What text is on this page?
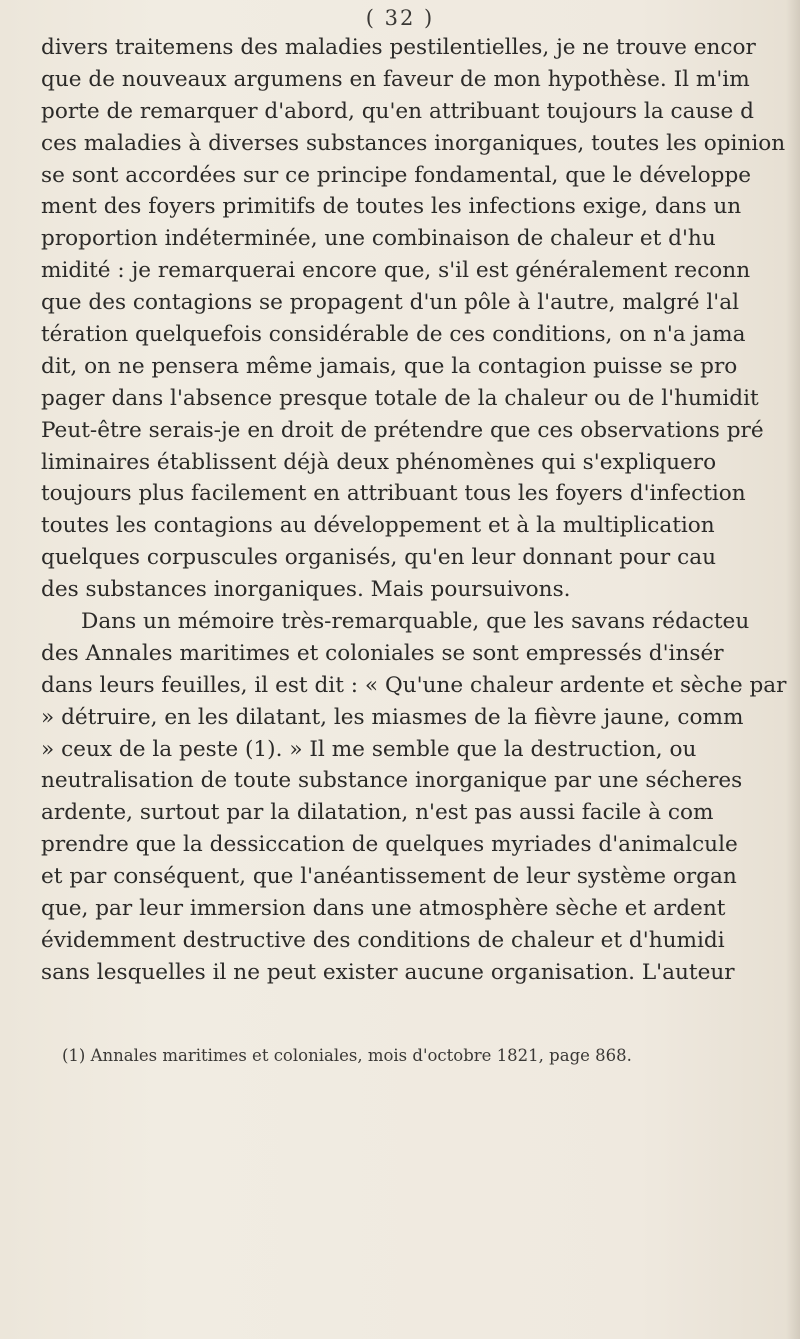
( 32 )
divers traitemens des maladies pestilentielles, je ne trouve encor
que de nouveaux argumens en faveur de mon hypothèse. Il m'im
porte de remarquer d'abord, qu'en attribuant toujours la cause d
ces maladies à diverses substances inorganiques, toutes les opinion
se sont accordées sur ce principe fondamental, que le développe
ment des foyers primitifs de toutes les infections exige, dans un
proportion indéterminée, une combinaison de chaleur et d'hu
midité : je remarquerai encore que, s'il est généralement reconn
que des contagions se propagent d'un pôle à l'autre, malgré l'al
tération quelquefois considérable de ces conditions, on n'a jama
dit, on ne pensera même jamais, que la contagion puisse se pro
pager dans l'absence presque totale de la chaleur ou de l'humidit
Peut-être serais-je en droit de prétendre que ces observations pré
liminaires établissent déjà deux phénomènes qui s'expliquero
toujours plus facilement en attribuant tous les foyers d'infection
toutes les contagions au développement et à la multiplication
quelques corpuscules organisés, qu'en leur donnant pour cau
des substances inorganiques. Mais poursuivons.
Dans un mémoire très-remarquable, que les savans rédacteu
des Annales maritimes et coloniales se sont empressés d'insér
dans leurs feuilles, il est dit : « Qu'une chaleur ardente et sèche par
» détruire, en les dilatant, les miasmes de la fièvre jaune, comm
» ceux de la peste (1). » Il me semble que la destruction, ou
neutralisation de toute substance inorganique par une sécheres
ardente, surtout par la dilatation, n'est pas aussi facile à com
prendre que la dessiccation de quelques myriades d'animalcule
et par conséquent, que l'anéantissement de leur système organ
que, par leur immersion dans une atmosphère sèche et ardent
évidemment destructive des conditions de chaleur et d'humidi
sans lesquelles il ne peut exister aucune organisation. L'auteur
(1) Annales maritimes et coloniales, mois d'octobre 1821, page 868.
